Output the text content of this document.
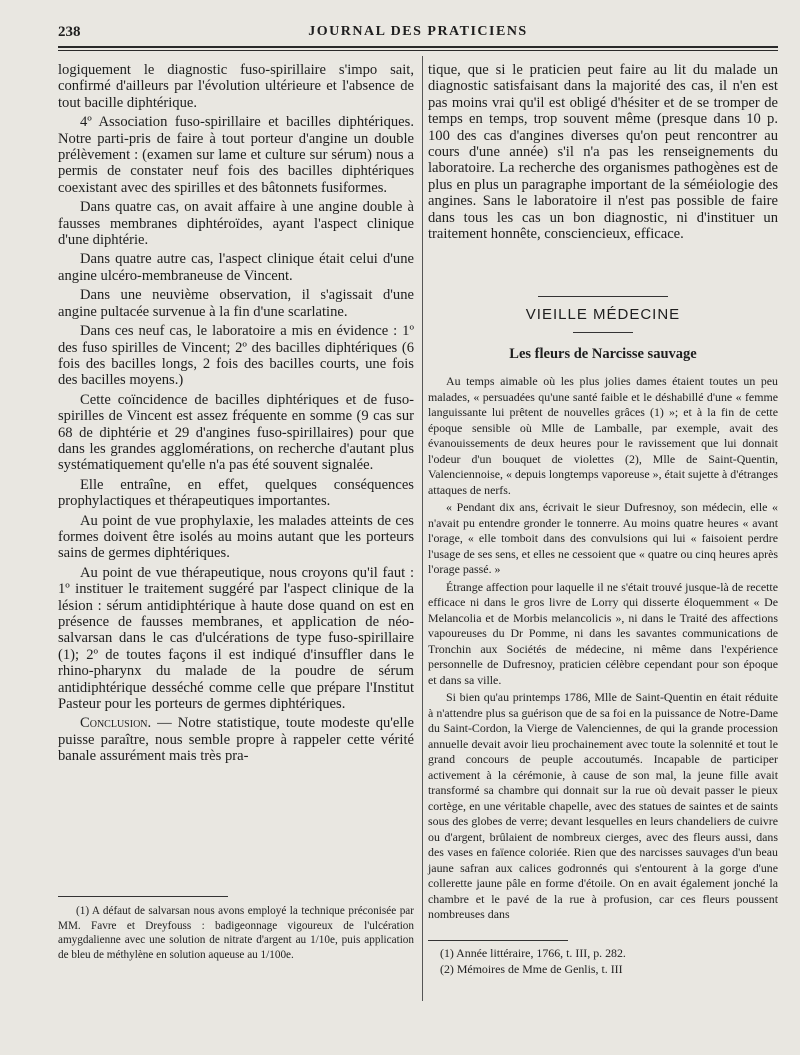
238	JOURNAL DES PRATICIENS

logiquement le diagnostic fuso-spirillaire s'impo sait, confirmé d'ailleurs par l'évolution ultérieure et l'absence de tout bacille diphtérique.

4º Association fuso-spirillaire et bacilles diphtériques. Notre parti-pris de faire à tout porteur d'angine un double prélèvement : (examen sur lame et culture sur sérum) nous a permis de constater neuf fois des bacilles diphtériques coexistant avec des spirilles et des bâtonnets fusiformes.

Dans quatre cas, on avait affaire à une angine double à fausses membranes diphtéroïdes, ayant l'aspect clinique d'une diphtérie.

Dans quatre autre cas, l'aspect clinique était celui d'une angine ulcéro-membraneuse de Vincent.

Dans une neuvième observation, il s'agissait d'une angine pultacée survenue à la fin d'une scarlatine.

Dans ces neuf cas, le laboratoire a mis en évidence : 1º des fuso spirilles de Vincent; 2º des bacilles diphtériques (6 fois des bacilles longs, 2 fois des bacilles courts, une fois des bacilles moyens.)

Cette coïncidence de bacilles diphtériques et de fuso-spirilles de Vincent est assez fréquente en somme (9 cas sur 68 de diphtérie et 29 d'angines fuso-spirillaires) pour que dans les grandes agglomérations, on recherche d'autant plus systématiquement qu'elle n'a pas été souvent signalée.

Elle entraîne, en effet, quelques conséquences prophylactiques et thérapeutiques importantes.

Au point de vue prophylaxie, les malades atteints de ces formes doivent être isolés au moins autant que les porteurs sains de germes diphtériques.

Au point de vue thérapeutique, nous croyons qu'il faut : 1º instituer le traitement suggéré par l'aspect clinique de la lésion : sérum antidiphtérique à haute dose quand on est en présence de fausses membranes, et application de néo-salvarsan dans le cas d'ulcérations de type fuso-spirillaire (1); 2º de toutes façons il est indiqué d'insuffler dans le rhino-pharynx du malade de la poudre de sérum antidiphtérique desséché comme celle que prépare l'Institut Pasteur pour les porteurs de germes diphtériques.

Conclusion. — Notre statistique, toute modeste qu'elle puisse paraître, nous semble propre à rappeler cette vérité banale assurément mais très pra-

(1) A défaut de salvarsan nous avons employé la technique préconisée par MM. Favre et Dreyfouss : badigeonnage vigoureux de l'ulcération amygdalienne avec une solution de nitrate d'argent au 1/10e, puis application de bleu de méthylène en solution aqueuse au 1/100e.

tique, que si le praticien peut faire au lit du malade un diagnostic satisfaisant dans la majorité des cas, il n'en est pas moins vrai qu'il est obligé d'hésiter et de se tromper de temps en temps, trop souvent même (presque dans 10 p. 100 des cas d'angines diverses qu'on peut rencontrer au cours d'une année) s'il n'a pas les renseignements du laboratoire. La recherche des organismes pathogènes est de plus en plus un paragraphe important de la séméiologie des angines. Sans le laboratoire il n'est pas possible de faire dans tous les cas un bon diagnostic, ni d'instituer un traitement honnête, consciencieux, efficace.

VIEILLE MÉDECINE
Les fleurs de Narcisse sauvage

Au temps aimable où les plus jolies dames étaient toutes un peu malades, « persuadées qu'une santé faible et le déshabillé d'une « femme languissante lui prêtent de nouvelles grâces (1) »; et à la fin de cette époque sensible où Mlle de Lamballe, par exemple, avait des évanouissements de deux heures pour le ravissement que lui donnait l'odeur d'un bouquet de violettes (2), Mlle de Saint-Quentin, Valenciennoise, « depuis longtemps vaporeuse », était sujette à d'étranges attaques de nerfs.

« Pendant dix ans, écrivait le sieur Dufresnoy, son médecin, elle « n'avait pu entendre gronder le tonnerre. Au moins quatre heures « avant l'orage, « elle tomboit dans des convulsions qui lui « faisoient perdre l'usage de ses sens, et elles ne cessoient que « quatre ou cinq heures après l'orage passé. »

Étrange affection pour laquelle il ne s'était trouvé jusque-là de recette efficace ni dans le gros livre de Lorry qui disserte éloquemment « De Melancolia et de Morbis melancolicis », ni dans le Traité des affections vapoureuses du Dr Pomme, ni dans les savantes communications de Tronchin aux Sociétés de médecine, ni même dans l'expérience personnelle de Dufresnoy, praticien célèbre cependant pour son époque et dans sa ville.

Si bien qu'au printemps 1786, Mlle de Saint-Quentin en était réduite à n'attendre plus sa guérison que de sa foi en la puissance de Notre-Dame du Saint-Cordon, la Vierge de Valenciennes, de qui la grande procession annuelle devait avoir lieu prochainement avec toute la solennité et tout le grand concours de peuple accoutumés. Incapable de participer activement à la cérémonie, à cause de son mal, la jeune fille avait transformé sa chambre qui donnait sur la rue où devait passer le pieux cortège, en une véritable chapelle, avec des statues de saintes et de saints sous des globes de verre; devant lesquelles en leurs chandeliers de cuivre ou d'argent, brûlaient de nombreux cierges, avec des fleurs aussi, dans des vases en faïence coloriée. Rien que des narcisses sauvages d'un beau jaune safran aux calices godronnés qui s'entourent à la gorge d'une collerette jaune pâle en forme d'étoile. On en avait également jonché la chambre et le pavé de la rue à profusion, car ces fleurs poussent nombreuses dans

(1) Année littéraire, 1766, t. III, p. 282.

(2) Mémoires de Mme de Genlis, t. III
